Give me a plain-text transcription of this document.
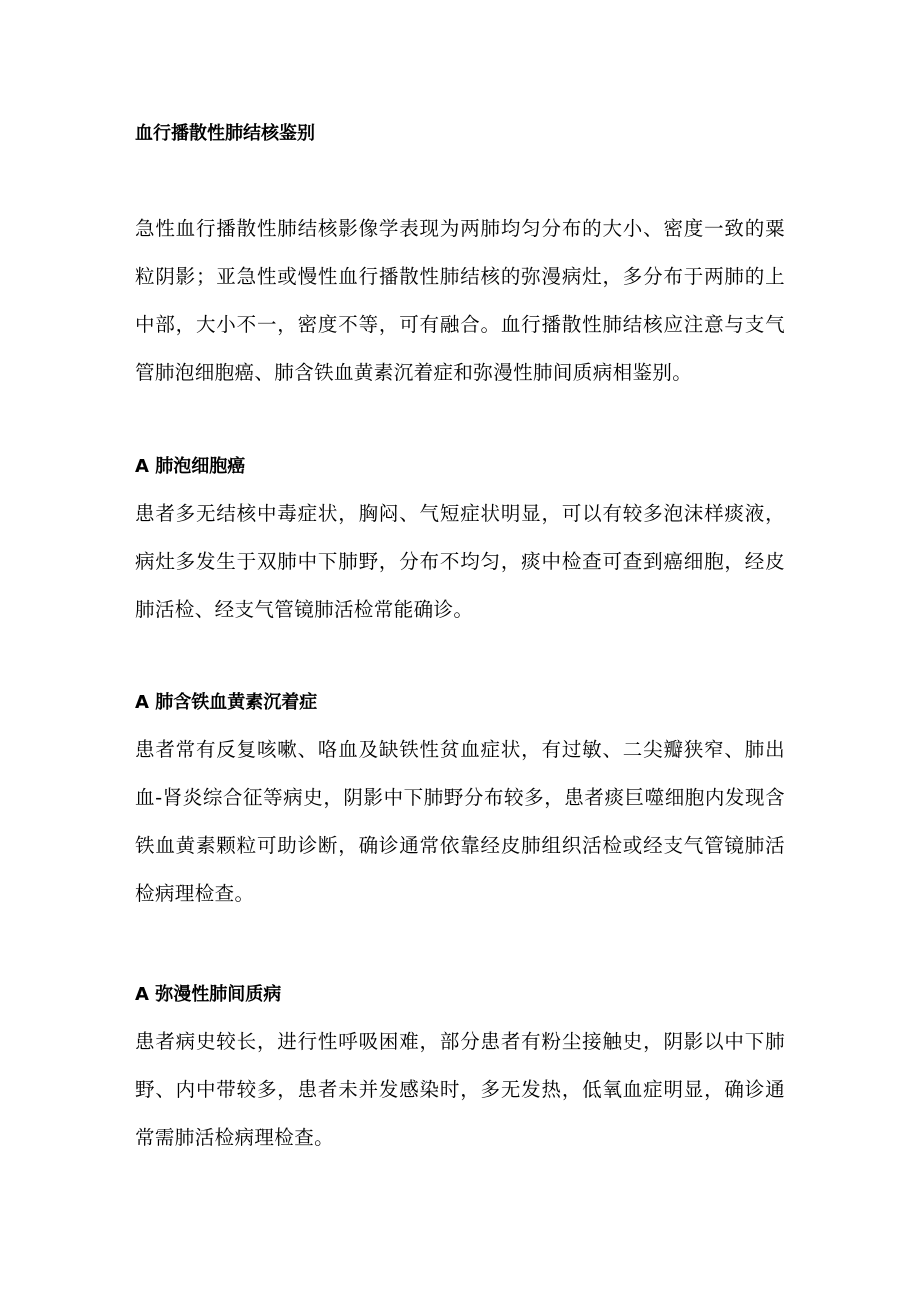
血行播散性肺结核鉴别

急性血行播散性肺结核影像学表现为两肺均匀分布的大小、密度一致的粟粒阴影；亚急性或慢性血行播散性肺结核的弥漫病灶，多分布于两肺的上中部，大小不一，密度不等，可有融合。血行播散性肺结核应注意与支气管肺泡细胞癌、肺含铁血黄素沉着症和弥漫性肺间质病相鉴别。

A 肺泡细胞癌

患者多无结核中毒症状，胸闷、气短症状明显，可以有较多泡沫样痰液，病灶多发生于双肺中下肺野，分布不均匀，痰中检查可查到癌细胞，经皮肺活检、经支气管镜肺活检常能确诊。

A 肺含铁血黄素沉着症

患者常有反复咳嗽、咯血及缺铁性贫血症状，有过敏、二尖瓣狭窄、肺出血-肾炎综合征等病史，阴影中下肺野分布较多，患者痰巨噬细胞内发现含铁血黄素颗粒可助诊断，确诊通常依靠经皮肺组织活检或经支气管镜肺活检病理检查。

A 弥漫性肺间质病

患者病史较长，进行性呼吸困难，部分患者有粉尘接触史，阴影以中下肺野、内中带较多，患者未并发感染时，多无发热，低氧血症明显，确诊通常需肺活检病理检查。
